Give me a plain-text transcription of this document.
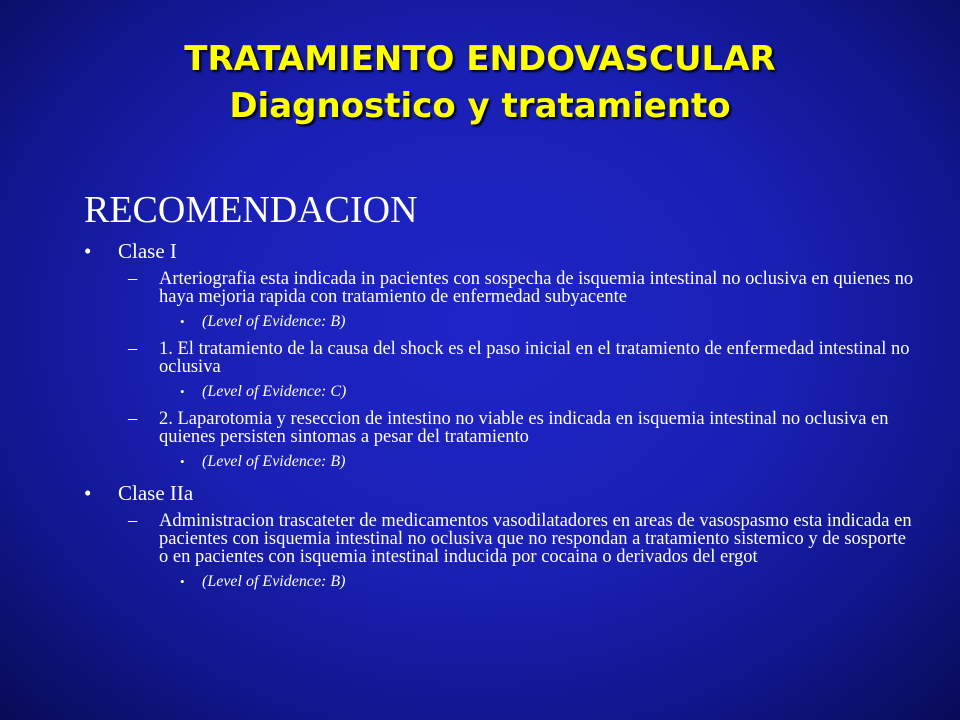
TRATAMIENTO ENDOVASCULAR
Diagnostico y tratamiento
RECOMENDACION
• Clase I
– Arteriografia esta indicada in pacientes con sospecha de isquemia intestinal no oclusiva en quienes no haya mejoria rapida con tratamiento de enfermedad subyacente
• (Level of Evidence: B)
– 1. El tratamiento de la causa del shock es el paso inicial en el tratamiento de enfermedad intestinal no oclusiva
• (Level of Evidence: C)
– 2. Laparotomia y reseccion de intestino no viable es indicada en isquemia intestinal no oclusiva en quienes persisten sintomas a pesar del tratamiento
• (Level of Evidence: B)
• Clase IIa
– Administracion trascateter de medicamentos vasodilatadores en areas de vasospasmo esta indicada en pacientes con isquemia intestinal no oclusiva que no respondan a tratamiento sistemico y de sosporte o en pacientes con isquemia intestinal inducida por cocaina o derivados del ergot
• (Level of Evidence: B)
